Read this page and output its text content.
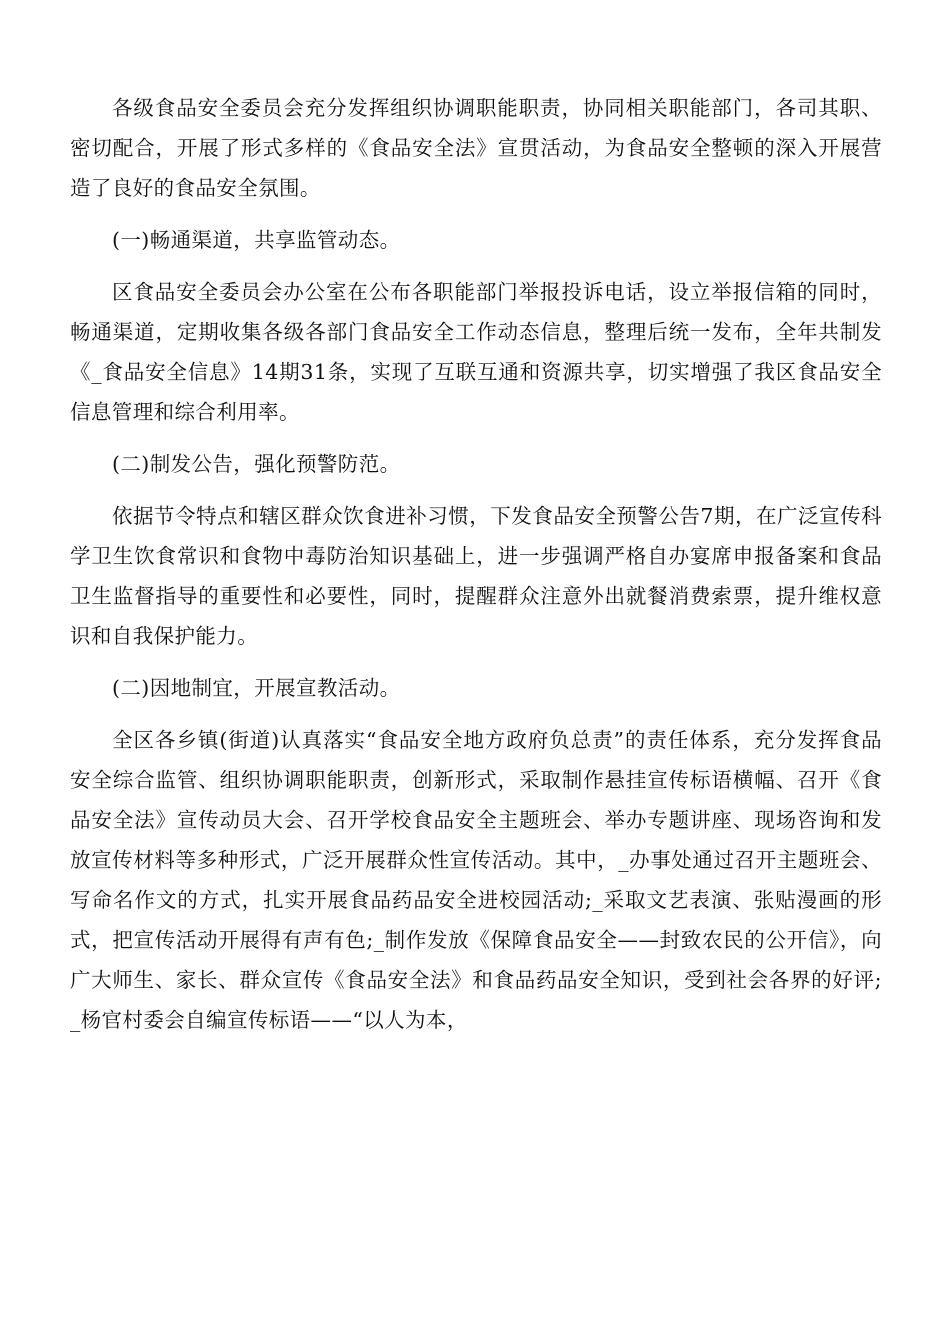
各级食品安全委员会充分发挥组织协调职能职责，协同相关职能部门，各司其职、密切配合，开展了形式多样的《食品安全法》宣贯活动，为食品安全整顿的深入开展营造了良好的食品安全氛围。

(一)畅通渠道，共享监管动态。

区食品安全委员会办公室在公布各职能部门举报投诉电话，设立举报信箱的同时，畅通渠道，定期收集各级各部门食品安全工作动态信息，整理后统一发布，全年共制发《_食品安全信息》14期31条，实现了互联互通和资源共享，切实增强了我区食品安全信息管理和综合利用率。

(二)制发公告，强化预警防范。

依据节令特点和辖区群众饮食进补习惯，下发食品安全预警公告7期，在广泛宣传科学卫生饮食常识和食物中毒防治知识基础上，进一步强调严格自办宴席申报备案和食品卫生监督指导的重要性和必要性，同时，提醒群众注意外出就餐消费索票，提升维权意识和自我保护能力。

(二)因地制宜，开展宣教活动。

全区各乡镇(街道)认真落实“食品安全地方政府负总责”的责任体系，充分发挥食品安全综合监管、组织协调职能职责，创新形式，采取制作悬挂宣传标语横幅、召开《食品安全法》宣传动员大会、召开学校食品安全主题班会、举办专题讲座、现场咨询和发放宣传材料等多种形式，广泛开展群众性宣传活动。其中，_办事处通过召开主题班会、写命名作文的方式，扎实开展食品药品安全进校园活动;_采取文艺表演、张贴漫画的形式，把宣传活动开展得有声有色;_制作发放《保障食品安全——封致农民的公开信》，向广大师生、家长、群众宣传《食品安全法》和食品药品安全知识，受到社会各界的好评;_杨官村委会自编宣传标语——“以人为本，
